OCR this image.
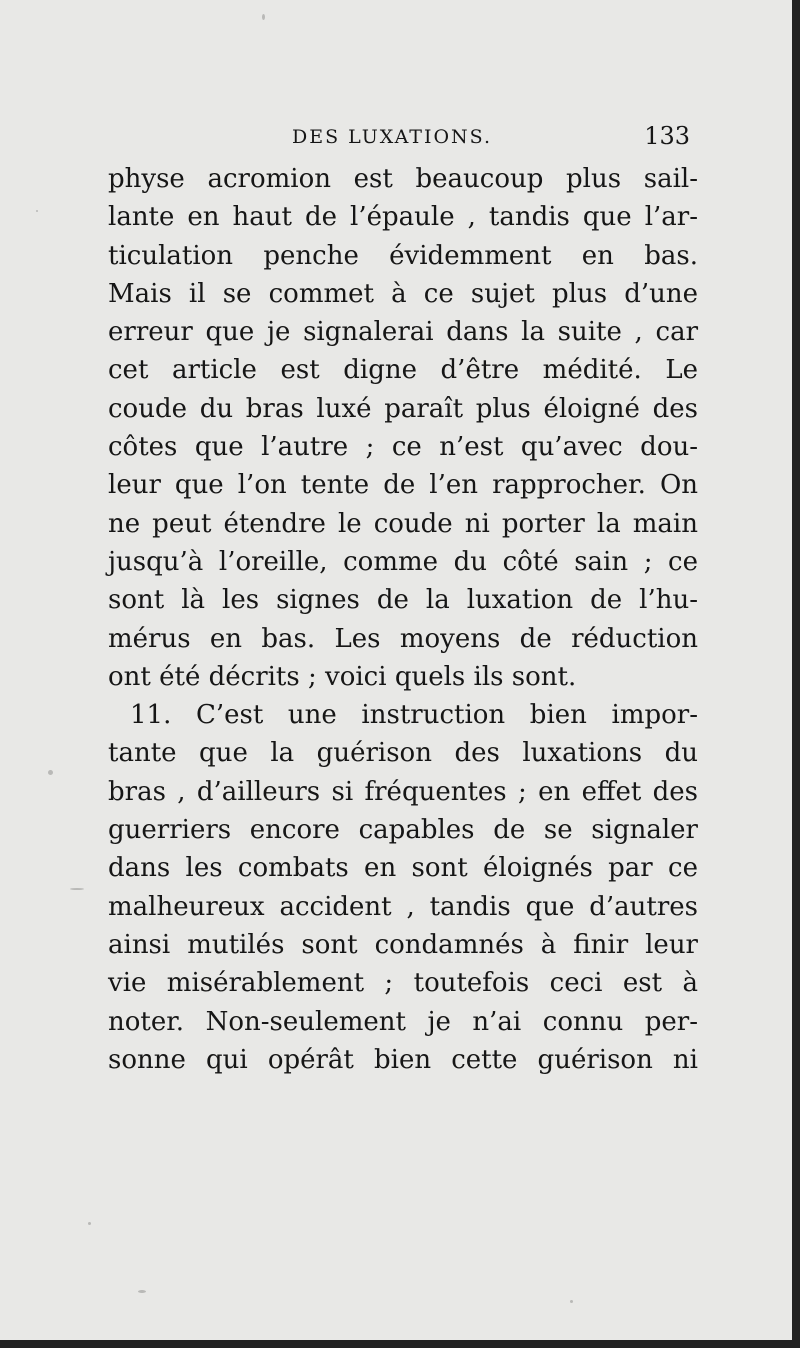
DES LUXATIONS.	133
physe acromion est beaucoup plus sail-
lante en haut de l’épaule , tandis que l’ar-
ticulation penche évidemment en bas.
Mais il se commet à ce sujet plus d’une
erreur que je signalerai dans la suite , car
cet article est digne d’être médité. Le
coude du bras luxé paraît plus éloigné des
côtes que l’autre ; ce n’est qu’avec dou-
leur que l’on tente de l’en rapprocher. On
ne peut étendre le coude ni porter la main
jusqu’à l’oreille, comme du côté sain ; ce
sont là les signes de la luxation de l’hu-
mérus en bas. Les moyens de réduction
ont été décrits ; voici quels ils sont.
11. C’est une instruction bien impor-
tante que la guérison des luxations du
bras , d’ailleurs si fréquentes ; en effet des
guerriers encore capables de se signaler
dans les combats en sont éloignés par ce
malheureux accident , tandis que d’autres
ainsi mutilés sont condamnés à finir leur
vie misérablement ; toutefois ceci est à
noter. Non-seulement je n’ai connu per-
sonne qui opérât bien cette guérison ni
